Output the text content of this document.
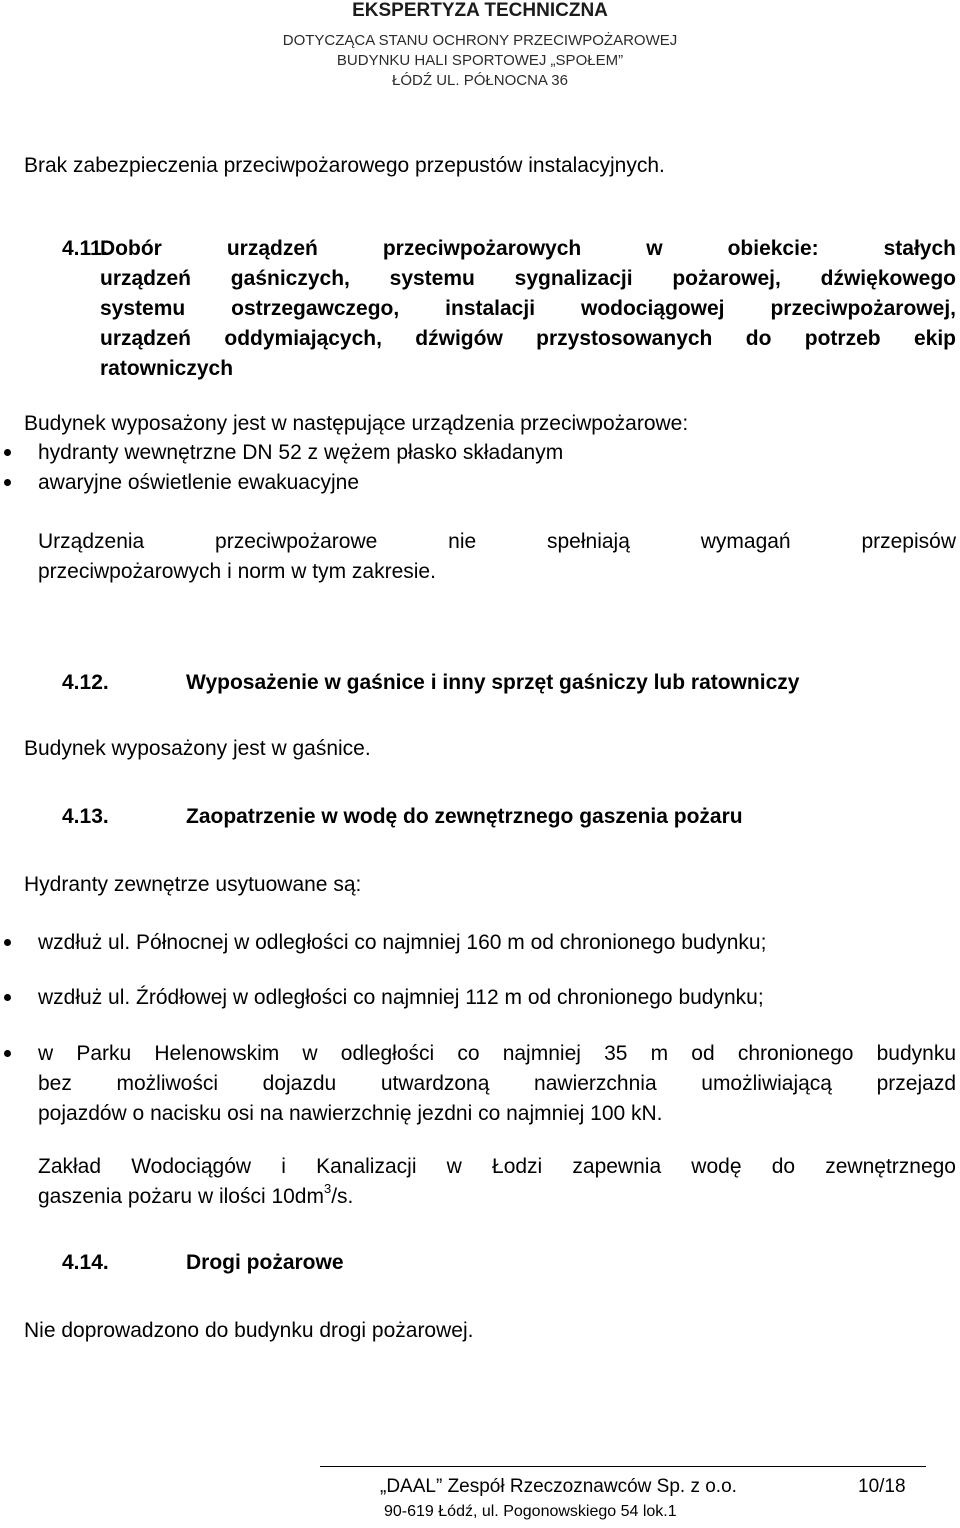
EKSPERTYZA TECHNICZNA
DOTYCZĄCA STANU OCHRONY PRZECIWPOŻAROWEJ
BUDYNKU HALI SPORTOWEJ „SPOŁEM”
ŁÓDŹ UL. PÓŁNOCNA 36
Brak zabezpieczenia przeciwpożarowego przepustów instalacyjnych.
4.11.
Dobór urządzeń przeciwpożarowych w obiekcie: stałych
urządzeń gaśniczych, systemu sygnalizacji pożarowej, dźwiękowego
systemu ostrzegawczego, instalacji wodociągowej przeciwpożarowej,
urządzeń oddymiających, dźwigów przystosowanych do potrzeb ekip
ratowniczych
Budynek wyposażony jest w następujące urządzenia przeciwpożarowe:
hydranty wewnętrzne DN 52 z wężem płasko składanym
awaryjne oświetlenie ewakuacyjne
Urządzenia przeciwpożarowe nie spełniają wymagań przepisów
przeciwpożarowych i norm w tym zakresie.
4.12.	Wyposażenie w gaśnice i inny sprzęt gaśniczy lub ratowniczy
Budynek wyposażony jest w gaśnice.
4.13.	Zaopatrzenie w wodę do zewnętrznego gaszenia pożaru
Hydranty zewnętrze usytuowane są:
wzdłuż ul. Północnej w odległości co najmniej 160 m od chronionego budynku;
wzdłuż ul. Źródłowej w odległości co najmniej 112 m od chronionego budynku;
w Parku Helenowskim w odległości co najmniej 35 m od chronionego budynku
bez możliwości dojazdu utwardzoną nawierzchnia umożliwiającą przejazd
pojazdów o nacisku osi na nawierzchnię jezdni co najmniej 100 kN.
Zakład Wodociągów i Kanalizacji w Łodzi zapewnia wodę do zewnętrznego
gaszenia pożaru w ilości $10dm^3/s$.
4.14.	Drogi pożarowe
Nie doprowadzono do budynku drogi pożarowej.
„DAAL” Zespół Rzeczoznawców Sp. z o.o.	10/18
90-619 Łódź, ul. Pogonowskiego 54 lok.1
